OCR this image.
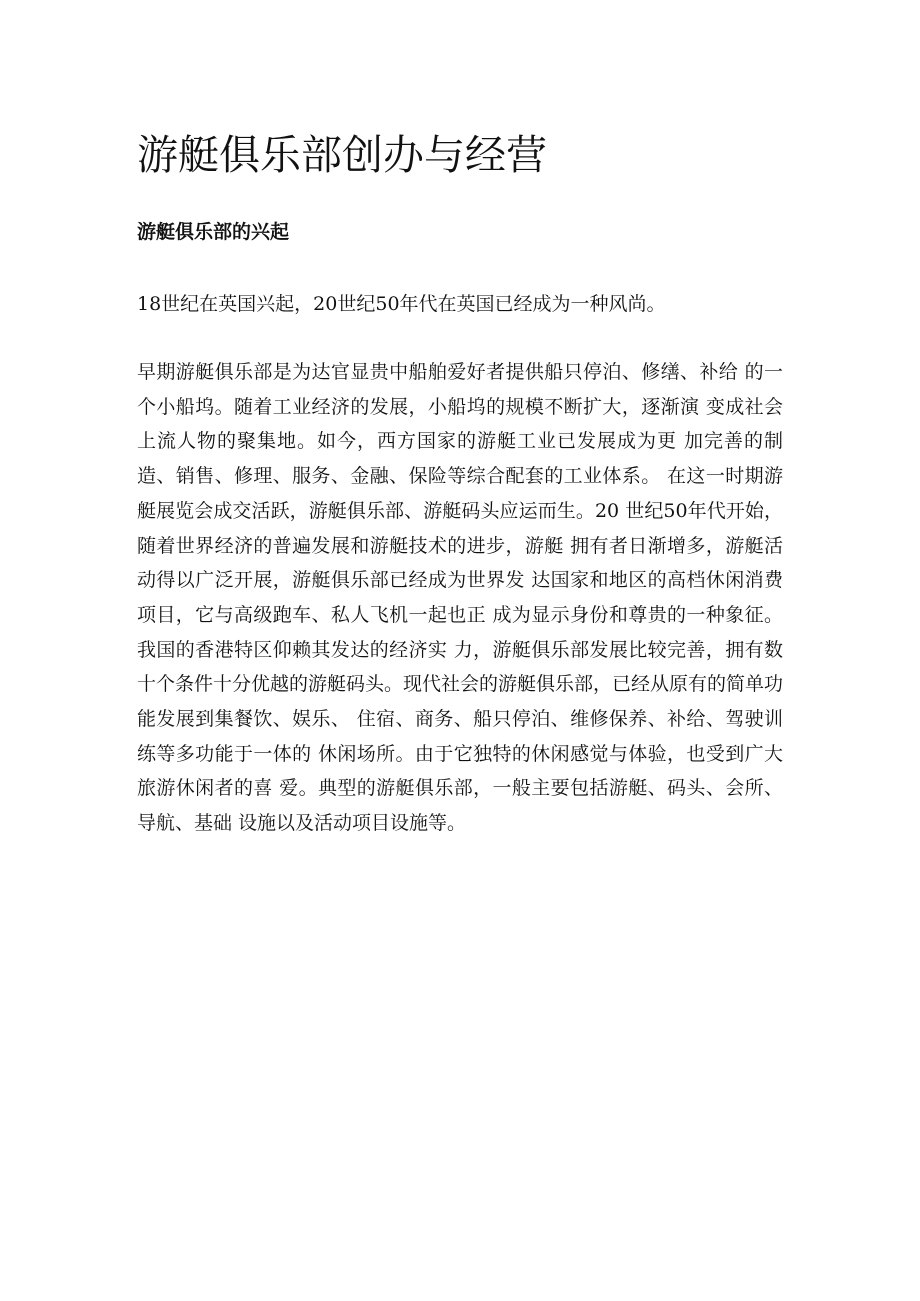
游艇俱乐部创办与经营
游艇俱乐部的兴起

18世纪在英国兴起，20世纪50年代在英国已经成为一种风尚。

早期游艇俱乐部是为达官显贵中船舶爱好者提供船只停泊、修缮、补给 的一个小船坞。随着工业经济的发展，小船坞的规模不断扩大，逐渐演 变成社会上流人物的聚集地。如今，西方国家的游艇工业已发展成为更 加完善的制造、销售、修理、服务、金融、保险等综合配套的工业体系。 在这一时期游艇展览会成交活跃，游艇俱乐部、游艇码头应运而生。20 世纪50年代开始，随着世界经济的普遍发展和游艇技术的进步，游艇 拥有者日渐增多，游艇活动得以广泛开展，游艇俱乐部已经成为世界发 达国家和地区的高档休闲消费项目，它与高级跑车、私人飞机一起也正 成为显示身份和尊贵的一种象征。我国的香港特区仰赖其发达的经济实 力，游艇俱乐部发展比较完善，拥有数十个条件十分优越的游艇码头。现代社会的游艇俱乐部，已经从原有的简单功能发展到集餐饮、娱乐、 住宿、商务、船只停泊、维修保养、补给、驾驶训练等多功能于一体的 休闲场所。由于它独特的休闲感觉与体验，也受到广大旅游休闲者的喜 爱。典型的游艇俱乐部，一般主要包括游艇、码头、会所、导航、基础 设施以及活动项目设施等。
